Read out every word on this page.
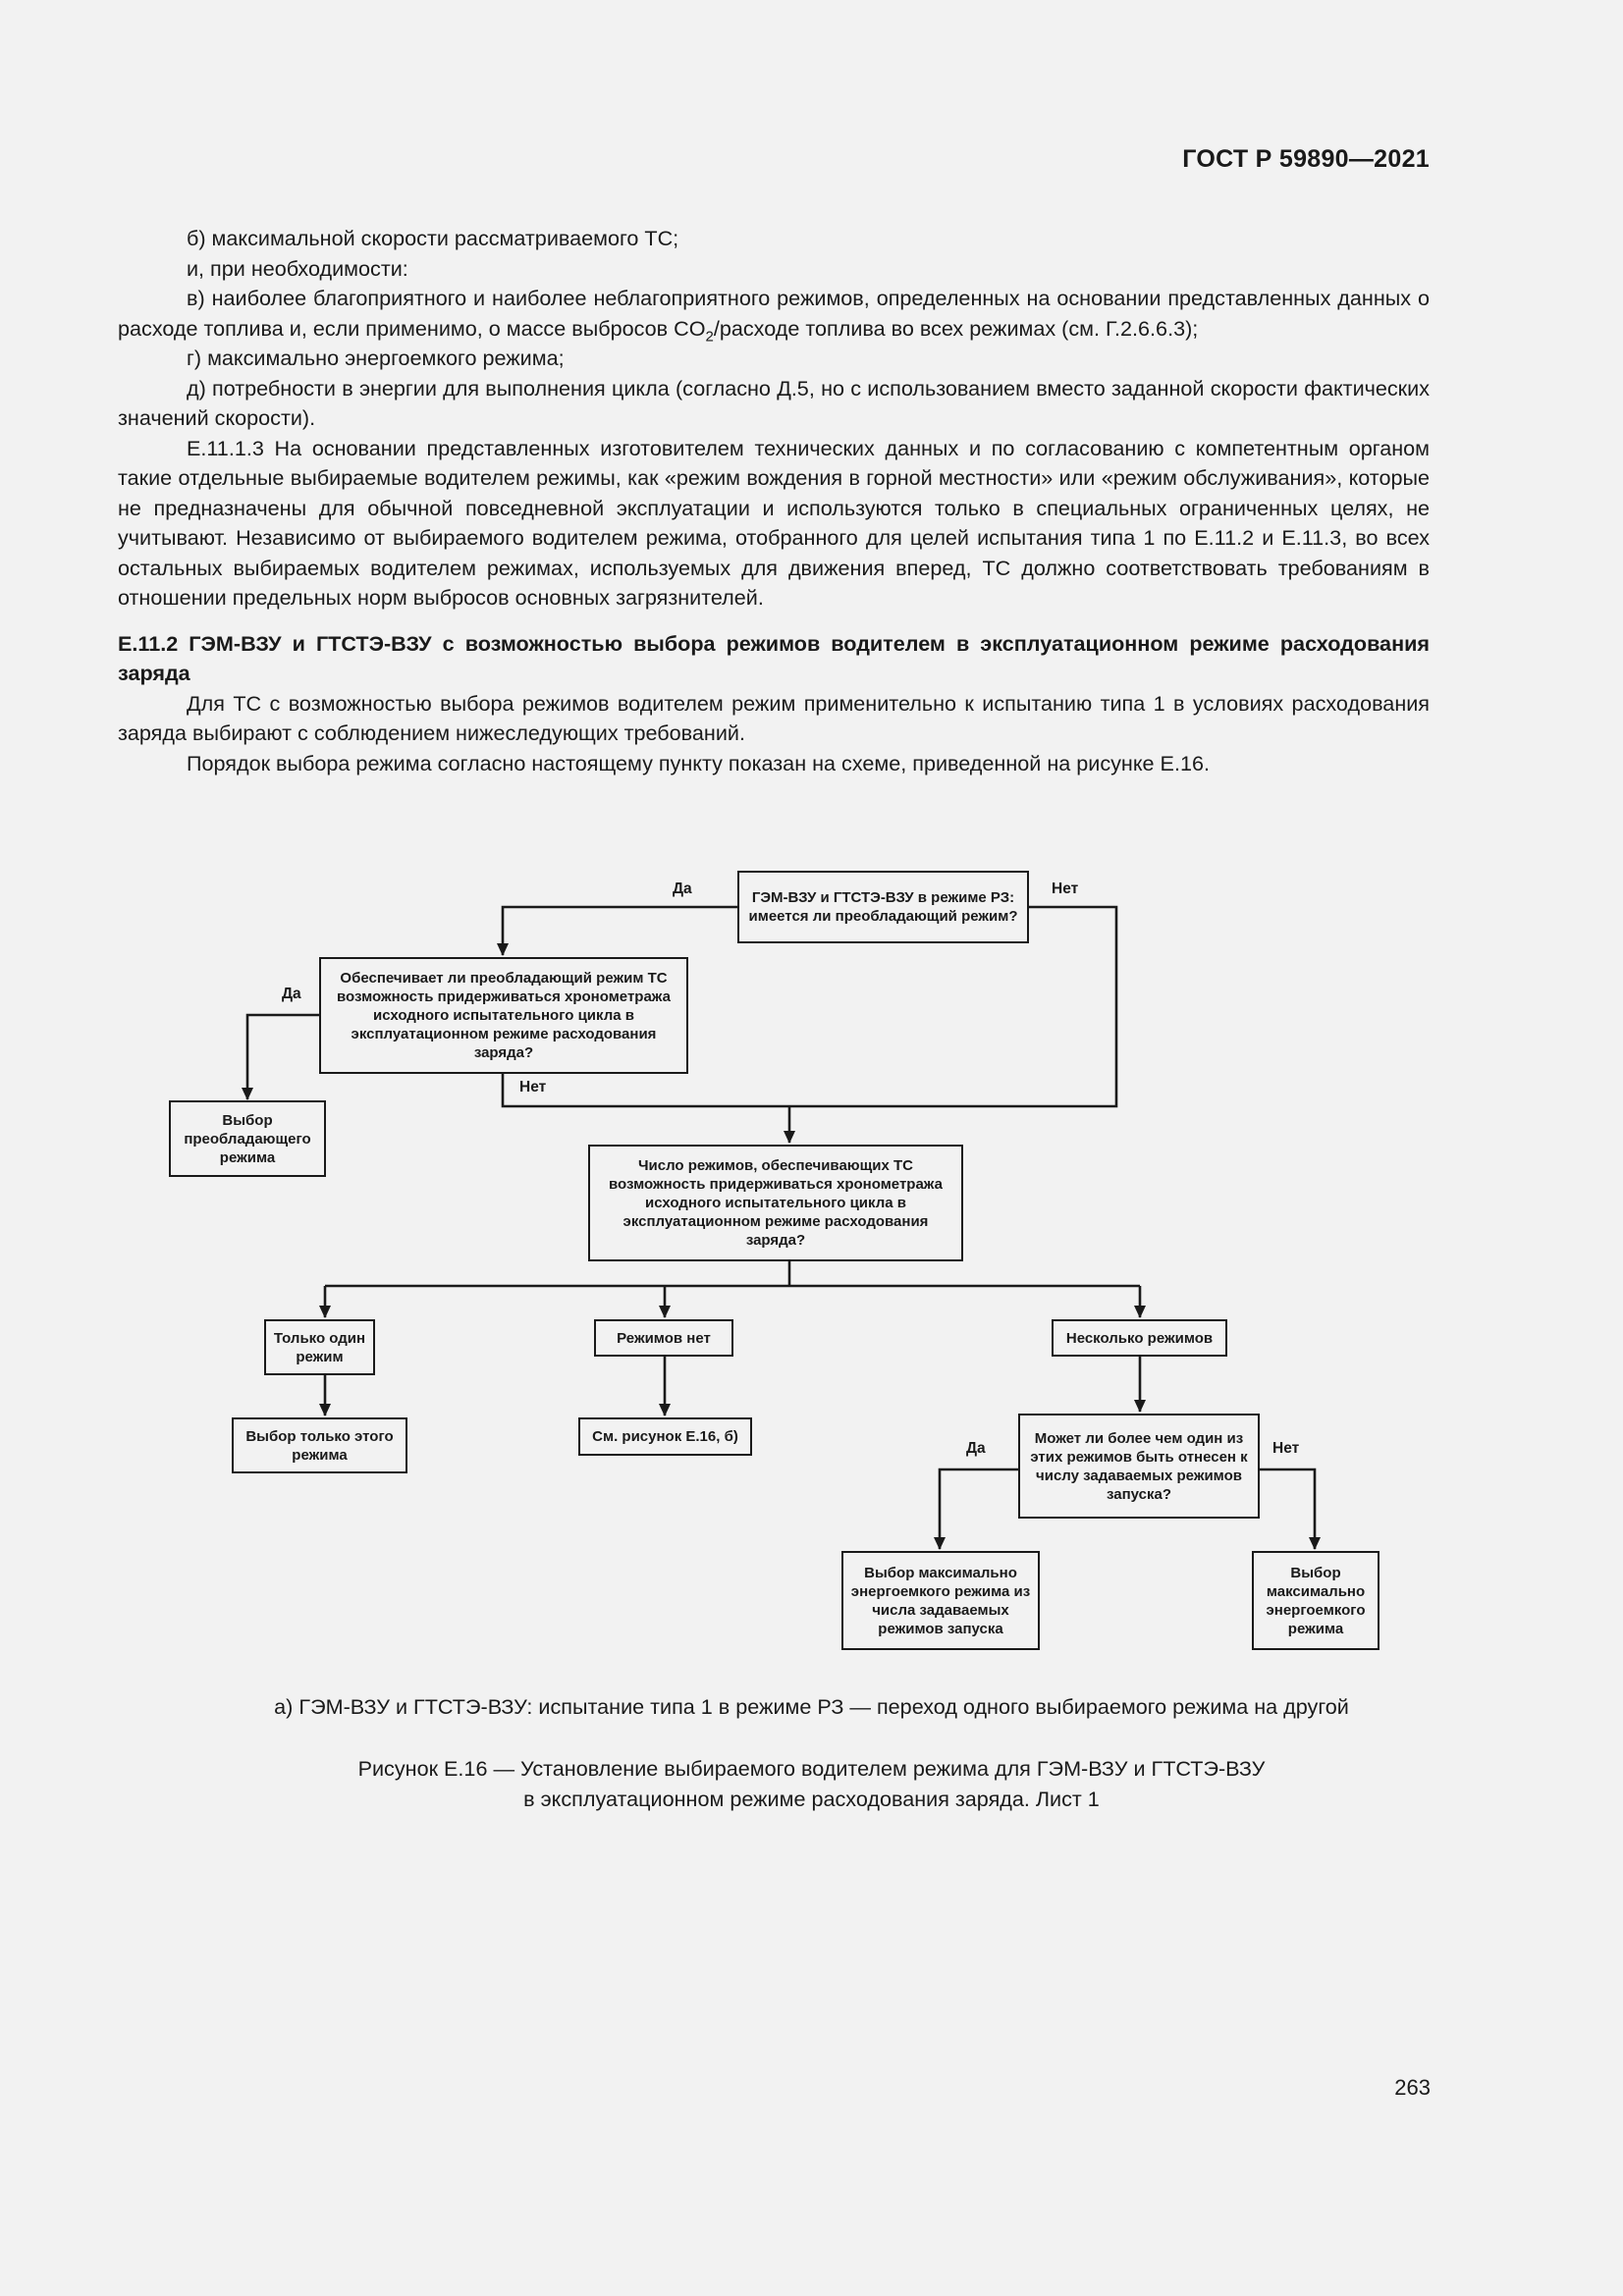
ГОСТ Р 59890—2021

б) максимальной скорости рассматриваемого ТС;

и, при необходимости:

в) наиболее благоприятного и наиболее неблагоприятного режимов, определенных на основании представленных данных о расходе топлива и, если применимо, о массе выбросов $CO_2$/расходе топлива во всех режимах (см. Г.2.6.6.3);

г) максимально энергоемкого режима;

д) потребности в энергии для выполнения цикла (согласно Д.5, но с использованием вместо заданной скорости фактических значений скорости).

Е.11.1.3 На основании представленных изготовителем технических данных и по согласованию с компетентным органом такие отдельные выбираемые водителем режимы, как «режим вождения в горной местности» или «режим обслуживания», которые не предназначены для обычной повседневной эксплуатации и используются только в специальных ограниченных целях, не учитывают. Независимо от выбираемого водителем режима, отобранного для целей испытания типа 1 по Е.11.2 и Е.11.3, во всех остальных выбираемых водителем режимах, используемых для движения вперед, ТС должно соответствовать требованиям в отношении предельных норм выбросов основных загрязнителей.

Е.11.2 ГЭМ-ВЗУ и ГТСТЭ-ВЗУ с возможностью выбора режимов водителем в эксплуатационном режиме расходования заряда

Для ТС с возможностью выбора режимов водителем режим применительно к испытанию типа 1 в условиях расходования заряда выбирают с соблюдением нижеследующих требований.

Порядок выбора режима согласно настоящему пункту показан на схеме, приведенной на рисунке Е.16.

ГЭМ-ВЗУ и ГТСТЭ-ВЗУ в режиме РЗ: имеется ли преобладающий режим?
Да	Нет
Обеспечивает ли преобладающий режим ТС возможность придерживаться хронометража исходного испытательного цикла в эксплуатационном режиме расходования заряда?
Да
Нет
Выбор преобладающего режима	Число режимов, обеспечивающих ТС возможность придерживаться хронометража исходного испытательного цикла в эксплуатационном режиме расходования заряда?
Только один режим
Режимов нет	Несколько режимов
Выбор только этого режима
См. рисунок Е.16, б)	Может ли более чем один из этих режимов быть отнесен к числу задаваемых режимов запуска?
Да	Нет
Выбор максимально энергоемкого режима из числа задаваемых режимов запуска
Выбор максимально энергоемкого режима
а) ГЭМ-ВЗУ и ГТСТЭ-ВЗУ: испытание типа 1 в режиме РЗ — переход одного выбираемого режима на другой
Рисунок Е.16 — Установление выбираемого водителем режима для ГЭМ-ВЗУ и ГТСТЭ-ВЗУ
в эксплуатационном режиме расходования заряда. Лист 1
263
